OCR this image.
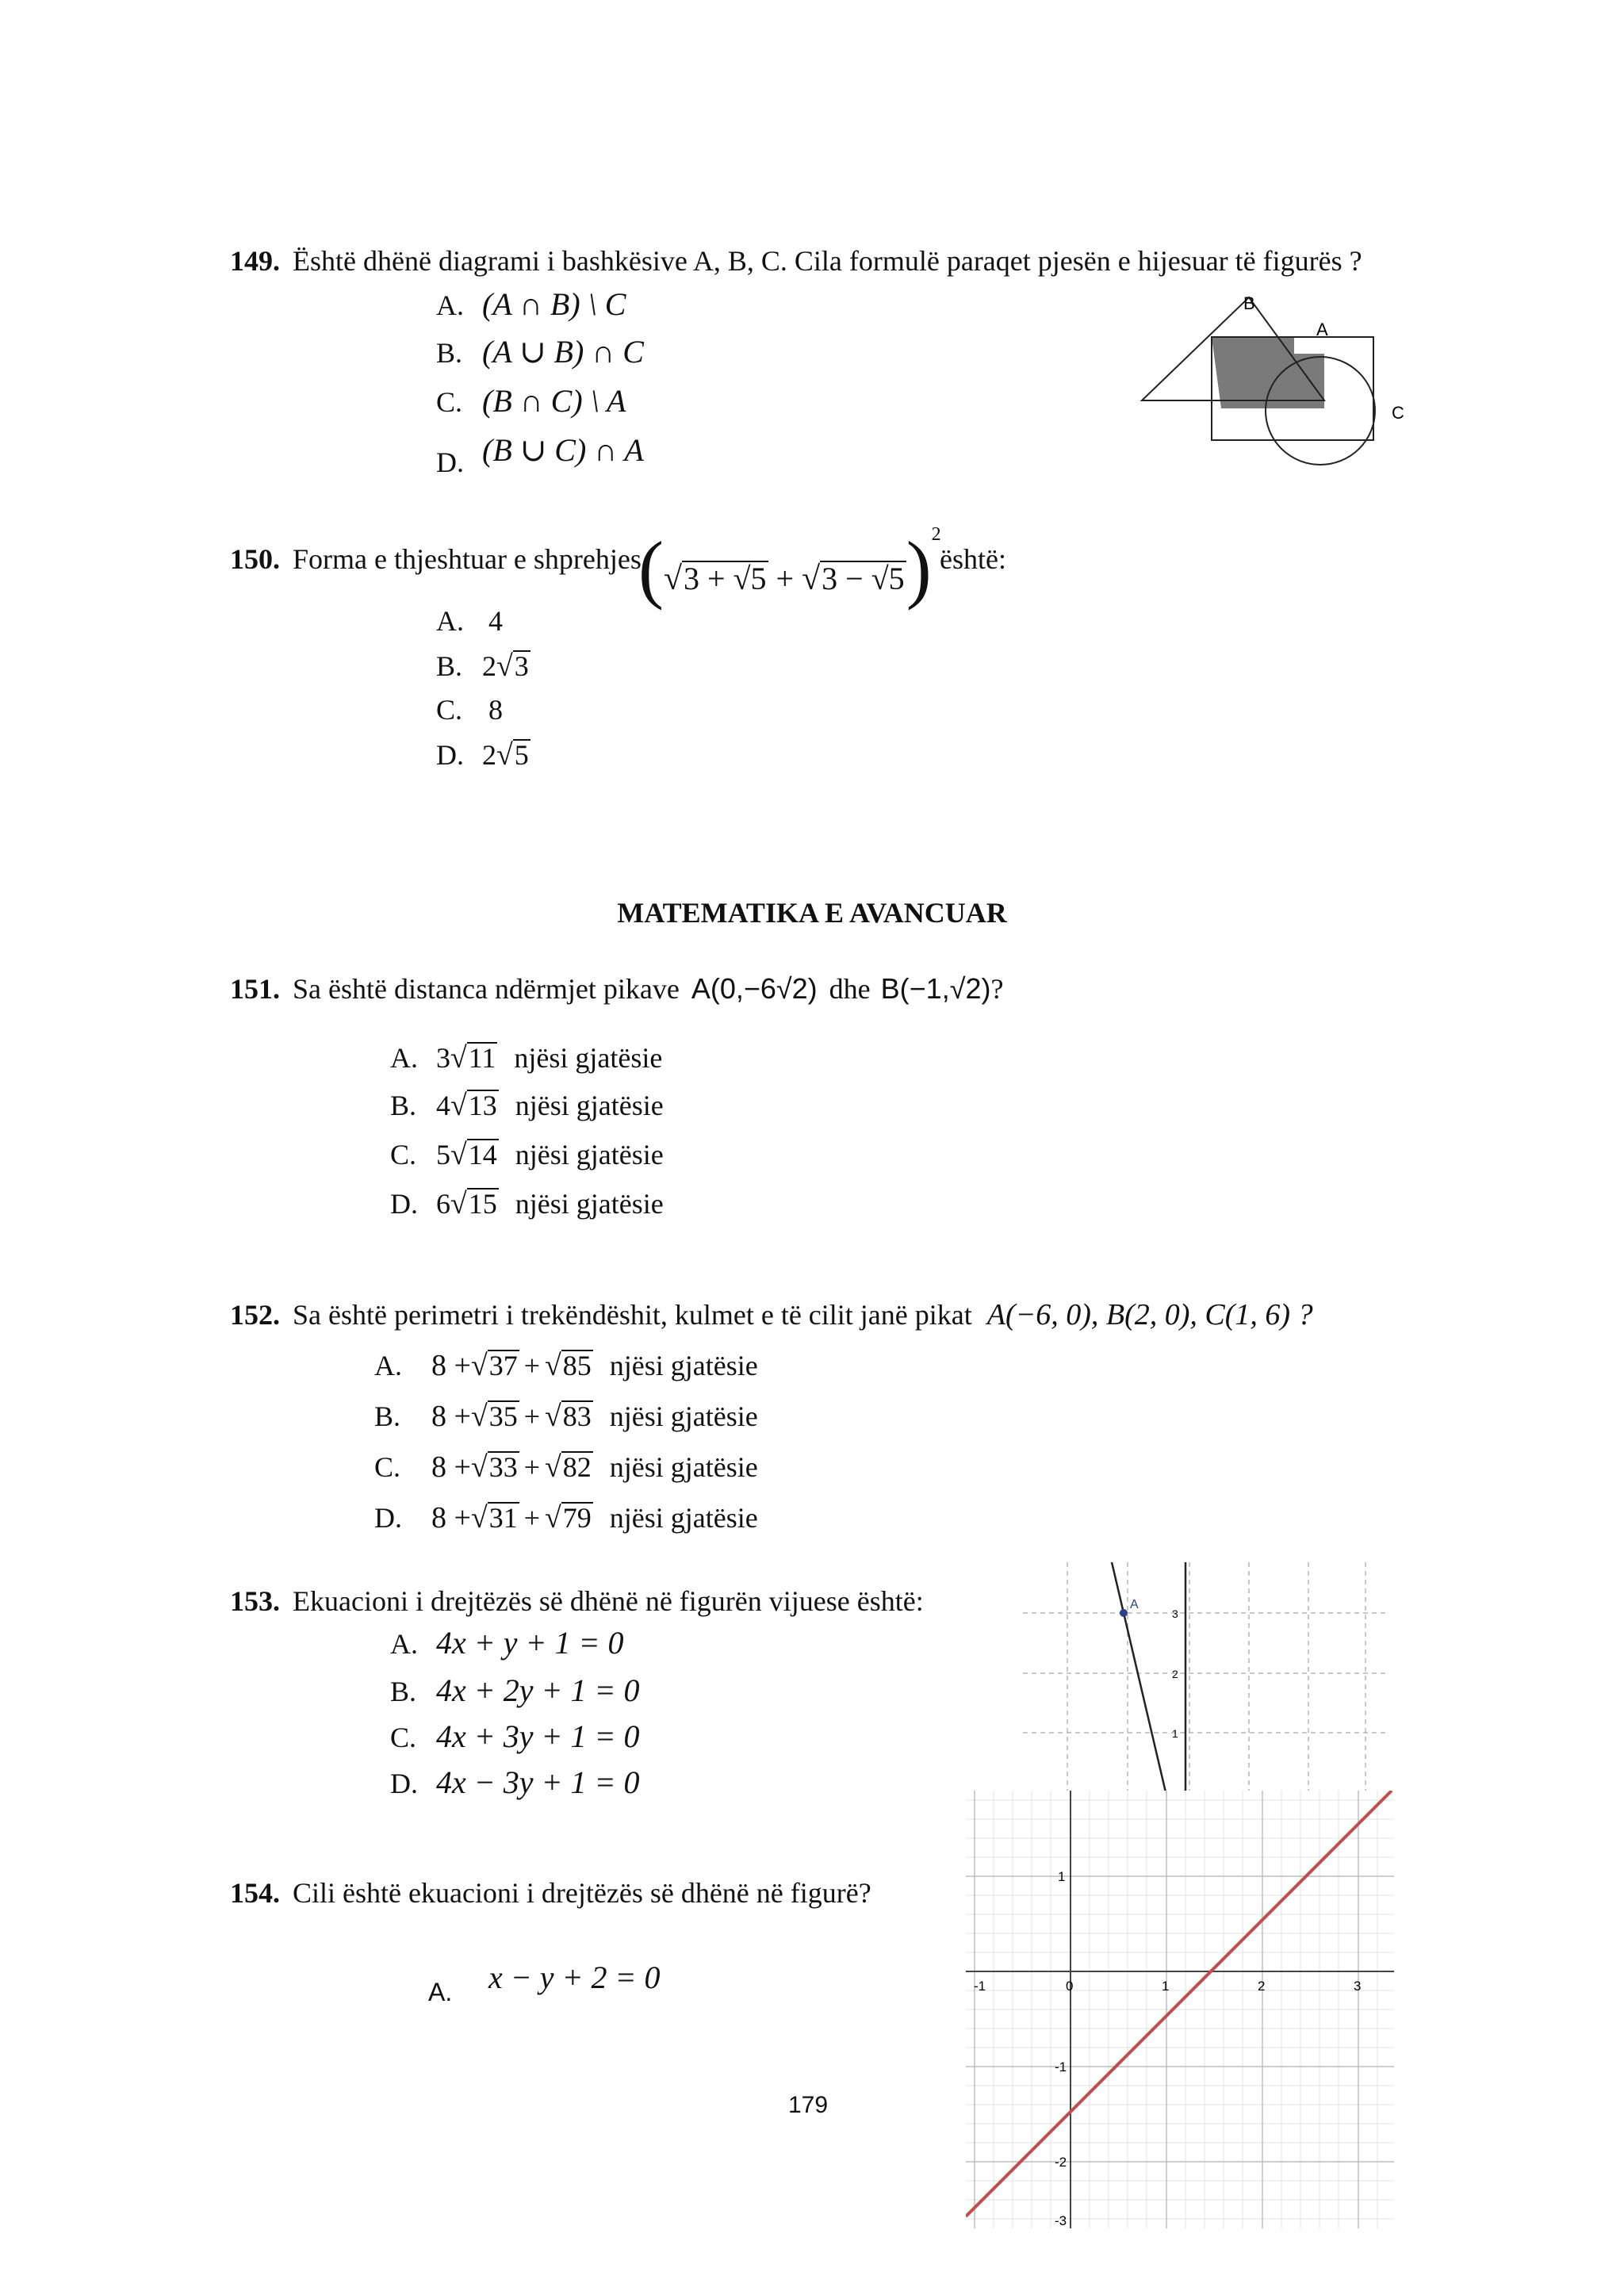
149. Është dhënë diagrami i bashkësive A, B, C. Cila formulë paraqet pjesën e hijesuar të figurës ?
A. (A ∩ B) \ C
B. (A ∪ B) ∩ C
C. (B ∩ C) \ A
D. (B ∪ C) ∩ A
B
A
C
150. Forma e thjeshtuar e shprehjes
$(√3 + √5 + √3 - √5)^2$
është:
A. 4
B. 2√3
C. 8
D. 2√5
MATEMATIKA E AVANCUAR
151. Sa është distanca ndërmjet pikave A(0,−6√2) dhe B(−1,√2)?
A. 3√11 njësi gjatësie
B. 4√13 njësi gjatësie
C. 5√14 njësi gjatësie
D. 6√15 njësi gjatësie
152. Sa është perimetri i trekëndëshit, kulmet e të cilit janë pikat A(−6, 0), B(2, 0), C(1, 6) ?
A. 8 +√37 + √85 njësi gjatësie
B. 8 +√35 + √83 njësi gjatësie
C. 8 +√33 + √82 njësi gjatësie
D. 8 +√31 + √79 njësi gjatësie
153. Ekuacioni i drejtëzës së dhënë në figurën vijuese është:
A. 4x + y + 1 = 0
B. 4x + 2y + 1 = 0
C. 4x + 3y + 1 = 0
D. 4x − 3y + 1 = 0
A
3
2
1
154. Cili është ekuacioni i drejtëzës së dhënë në figurë?
A. x − y + 2 = 0
1
-1	0	1	2	3
-1
-2
-3
179
